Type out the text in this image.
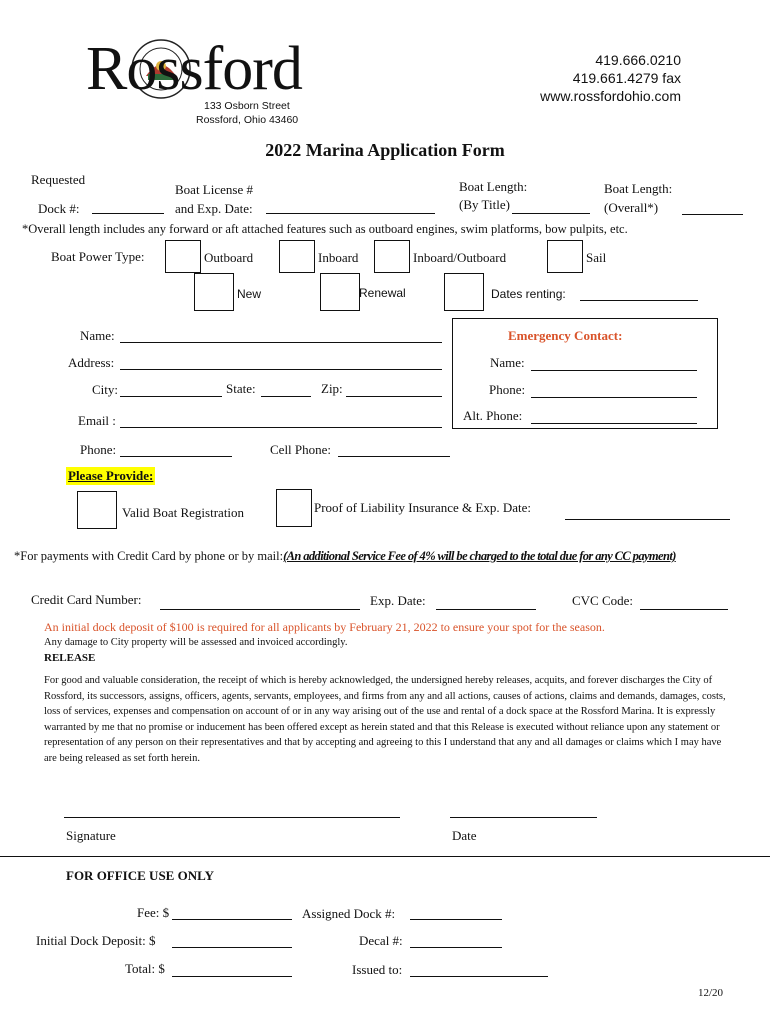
Rossford
133 Osborn Street
Rossford, Ohio 43460
419.666.0210
419.661.4279 fax
www.rossfordohio.com
2022 Marina Application Form
Requested
Dock #:
Boat License #
and Exp. Date:
Boat Length:
(By Title)
Boat Length:
(Overall*)
*Overall length includes any forward or aft attached features such as outboard engines, swim platforms, bow pulpits, etc.
Boat Power Type:	Outboard	Inboard	Inboard/Outboard	Sail
New	Renewal	Dates renting:
Name:
Address:
City:	State:	Zip:
Email :
Phone:	Cell Phone:
Emergency Contact:
Name:
Phone:
Alt. Phone:
Please Provide:
Valid Boat Registration	Proof of Liability Insurance & Exp. Date:
*For payments with Credit Card by phone or by mail:(An additional Service Fee of 4% will be charged to the total due for any CC payment)
Credit Card Number:	Exp. Date:	CVC Code:
An initial dock deposit of $100 is required for all applicants by February 21, 2022 to ensure your spot for the season.
Any damage to City property will be assessed and invoiced accordingly.
RELEASE
For good and valuable consideration, the receipt of which is hereby acknowledged, the undersigned hereby releases, acquits, and forever discharges the City of Rossford, its successors, assigns, officers, agents, servants, employees, and firms from any and all actions, causes of actions, claims and demands, damages, costs, loss of services, expenses and compensation on account of or in any way arising out of the use and rental of a dock space at the Rossford Marina. It is expressly warranted by me that no promise or inducement has been offered except as herein stated and that this Release is executed without reliance upon any statement or representation of any person on their representatives and that by accepting and agreeing to this I understand that any and all damages or claims which I may have are being released as set forth herein.
Signature	Date
FOR OFFICE USE ONLY
Fee: $	Assigned Dock #:
Initial Dock Deposit: $	Decal #:
Total: $	Issued to:
12/20
